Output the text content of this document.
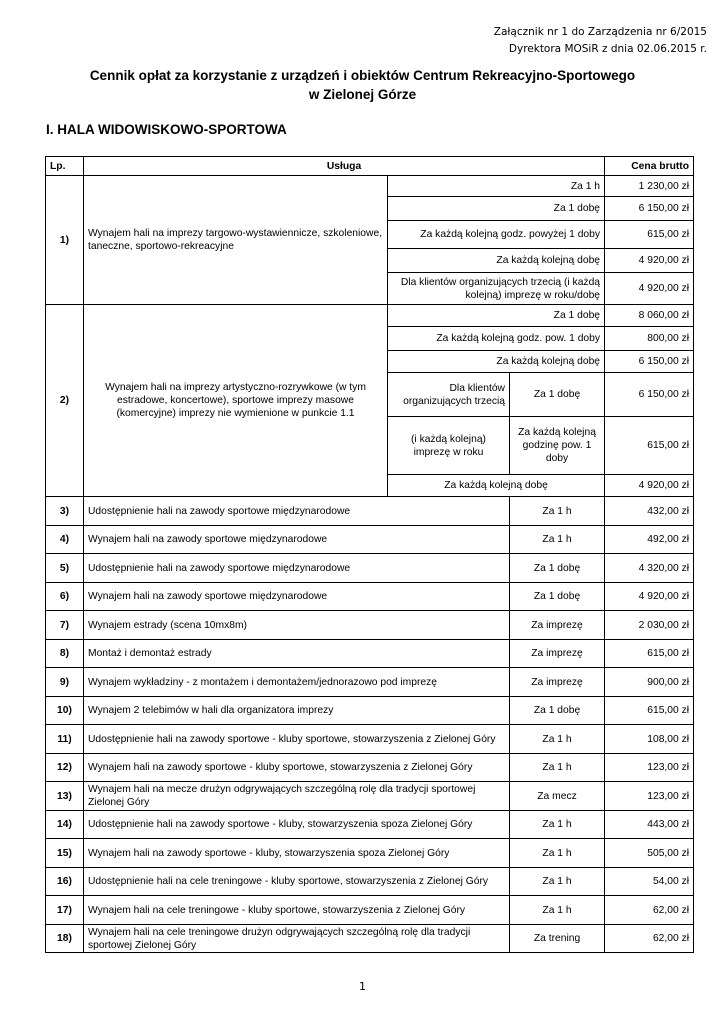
Załącznik nr 1 do Zarządzenia nr 6/2015
Dyrektora MOSiR z dnia 02.06.2015 r.
Cennik opłat za korzystanie z urządzeń i obiektów Centrum Rekreacyjno-Sportowego
w Zielonej Górze
I. HALA WIDOWISKOWO-SPORTOWA
Lp.	Usługa			Cena brutto
1)	Wynajem hali na imprezy targowo-wystawiennicze, szkoleniowe, taneczne, sportowo-rekreacyjne	Za 1 h		1 230,00 zł
		Za 1 dobę		6 150,00 zł
		Za każdą kolejną godz. powyżej 1 doby		615,00 zł
		Za każdą kolejną dobę		4 920,00 zł
		Dla klientów organizujących trzecią (i każdą kolejną) imprezę w roku/dobę		4 920,00 zł
2)	Wynajem hali na imprezy artystyczno-rozrywkowe (w tym estradowe, koncertowe), sportowe imprezy masowe (komercyjne) imprezy nie wymienione w punkcie 1.1	Za 1 dobę		8 060,00 zł
		Za każdą kolejną godz. pow. 1 doby		800,00 zł
		Za każdą kolejną dobę		6 150,00 zł
		Dla klientów organizujących trzecią	Za 1 dobę	6 150,00 zł
		(i każdą kolejną) imprezę w roku	Za każdą kolejną godzinę pow. 1 doby	615,00 zł
		Za każdą kolejną dobę		4 920,00 zł

3)	Udostępnienie hali na zawody sportowe międzynarodowe		Za 1 h	432,00 zł
4)	Wynajem hali na zawody sportowe międzynarodowe		Za 1 h	492,00 zł
5)	Udostępnienie hali na zawody sportowe międzynarodowe		Za 1 dobę	4 320,00 zł
6)	Wynajem hali na zawody sportowe międzynarodowe		Za 1 dobę	4 920,00 zł
7)	Wynajem estrady (scena 10mx8m)		Za imprezę	2 030,00 zł
8)	Montaż i demontaż estrady		Za imprezę	615,00 zł
9)	Wynajem wykładziny - z montażem i demontażem/jednorazowo pod imprezę		Za imprezę	900,00 zł
10)	Wynajem 2 telebimów w hali dla organizatora imprezy		Za 1 dobę	615,00 zł
11)	Udostępnienie hali na zawody sportowe - kluby sportowe, stowarzyszenia z Zielonej Góry		Za 1 h	108,00 zł
12)	Wynajem hali na zawody sportowe - kluby sportowe, stowarzyszenia z Zielonej Góry		Za 1 h	123,00 zł
13)	Wynajem hali na mecze drużyn odgrywających szczególną rolę dla tradycji sportowej Zielonej Góry		Za mecz	123,00 zł
14)	Udostępnienie hali na zawody sportowe - kluby, stowarzyszenia spoza Zielonej Góry		Za 1 h	443,00 zł
15)	Wynajem hali na zawody sportowe - kluby, stowarzyszenia spoza Zielonej Góry		Za 1 h	505,00 zł
16)	Udostępnienie hali na cele treningowe - kluby sportowe, stowarzyszenia z Zielonej Góry		Za 1 h	54,00 zł
17)	Wynajem hali na cele treningowe - kluby sportowe, stowarzyszenia z Zielonej Góry		Za 1 h	62,00 zł
18)	Wynajem hali na cele treningowe drużyn odgrywających szczególną rolę dla tradycji sportowej Zielonej Góry		Za trening	62,00 zł
1
